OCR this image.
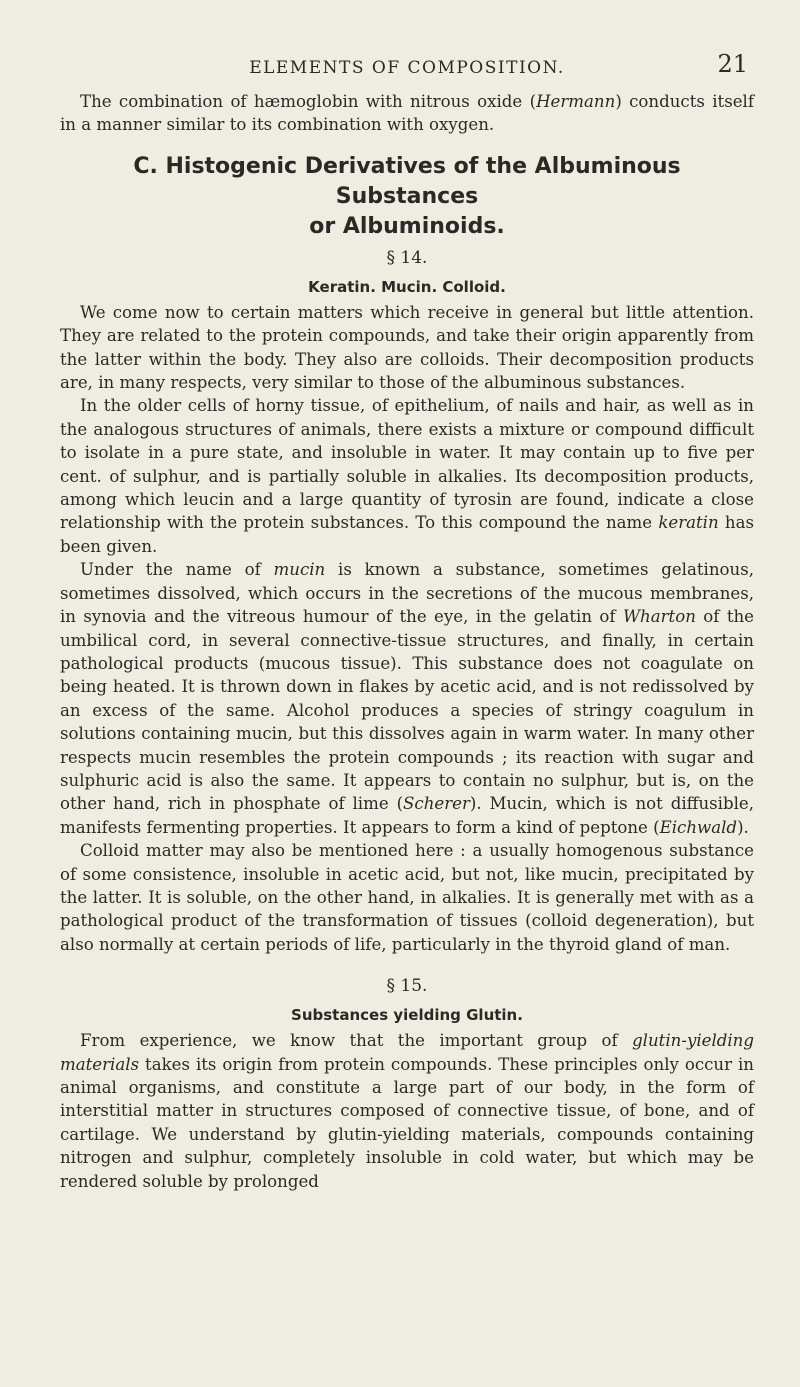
ELEMENTS OF COMPOSITION.	21

The combination of hæmoglobin with nitrous oxide (Hermann) conducts itself in a manner similar to its combination with oxygen.

C. Histogenic Derivatives of the Albuminous Substances
or Albuminoids.
§ 14.
Keratin. Mucin. Colloid.

We come now to certain matters which receive in general but little attention. They are related to the protein compounds, and take their origin apparently from the latter within the body. They also are colloids. Their decomposition products are, in many respects, very similar to those of the albuminous substances.

In the older cells of horny tissue, of epithelium, of nails and hair, as well as in the analogous structures of animals, there exists a mixture or compound difficult to isolate in a pure state, and insoluble in water. It may contain up to five per cent. of sulphur, and is partially soluble in alkalies. Its decomposition products, among which leucin and a large quantity of tyrosin are found, indicate a close relationship with the protein substances. To this compound the name keratin has been given.

Under the name of mucin is known a substance, sometimes gelatinous, sometimes dissolved, which occurs in the secretions of the mucous membranes, in synovia and the vitreous humour of the eye, in the gelatin of Wharton of the umbilical cord, in several connective-tissue structures, and finally, in certain pathological products (mucous tissue). This substance does not coagulate on being heated. It is thrown down in flakes by acetic acid, and is not redissolved by an excess of the same. Alcohol produces a species of stringy coagulum in solutions containing mucin, but this dissolves again in warm water. In many other respects mucin resembles the protein compounds ; its reaction with sugar and sulphuric acid is also the same. It appears to contain no sulphur, but is, on the other hand, rich in phosphate of lime (Scherer). Mucin, which is not diffusible, manifests fermenting properties. It appears to form a kind of peptone (Eichwald).

Colloid matter may also be mentioned here : a usually homogenous substance of some consistence, insoluble in acetic acid, but not, like mucin, precipitated by the latter. It is soluble, on the other hand, in alkalies. It is generally met with as a pathological product of the transformation of tissues (colloid degeneration), but also normally at certain periods of life, particularly in the thyroid gland of man.

§ 15.
Substances yielding Glutin.

From experience, we know that the important group of glutin-yielding materials takes its origin from protein compounds. These principles only occur in animal organisms, and constitute a large part of our body, in the form of interstitial matter in structures composed of connective tissue, of bone, and of cartilage. We understand by glutin-yielding materials, compounds containing nitrogen and sulphur, completely insoluble in cold water, but which may be rendered soluble by prolonged
